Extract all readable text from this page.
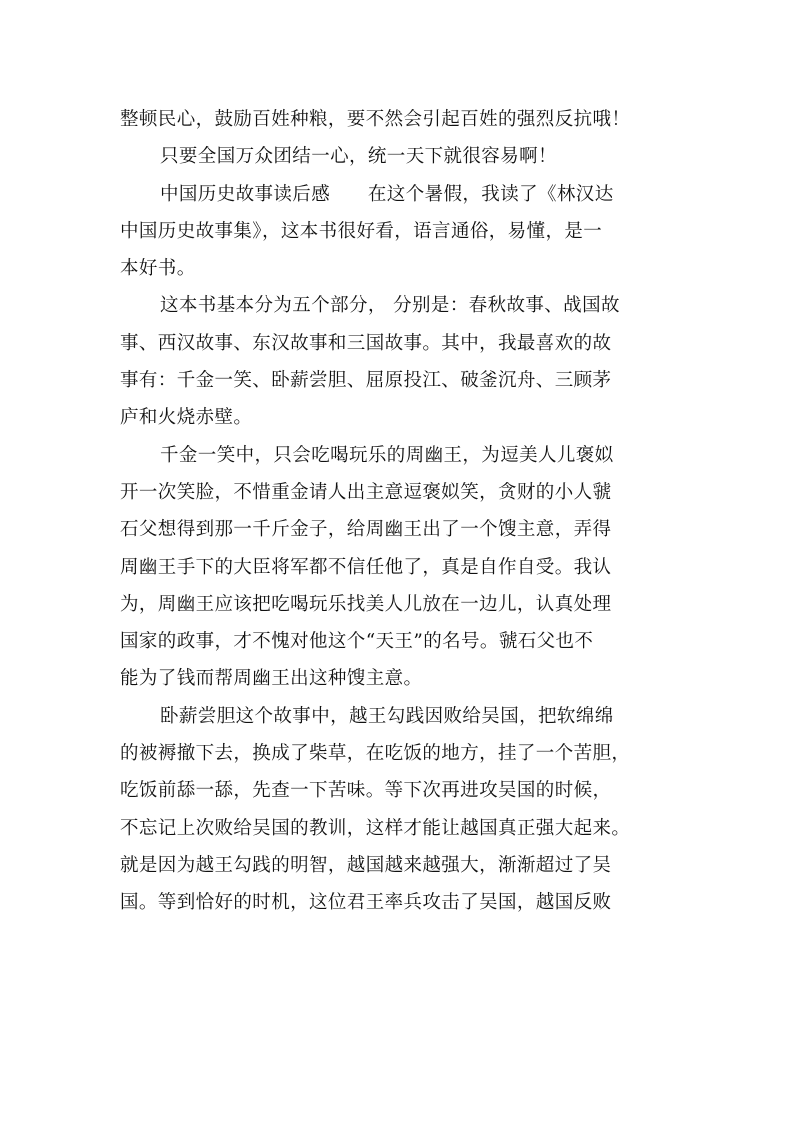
整顿民心，鼓励百姓种粮，要不然会引起百姓的强烈反抗哦！
只要全国万众团结一心，统一天下就很容易啊！
中国历史故事读后感　　在这个暑假，我读了《林汉达
中国历史故事集》，这本书很好看，语言通俗，易懂，是一
本好书。
这本书基本分为五个部分， 分别是：春秋故事、战国故
事、西汉故事、东汉故事和三国故事。其中，我最喜欢的故
事有：千金一笑、卧薪尝胆、屈原投江、破釜沉舟、三顾茅
庐和火烧赤壁。
千金一笑中，只会吃喝玩乐的周幽王，为逗美人儿褒姒
开一次笑脸，不惜重金请人出主意逗褒姒笑，贪财的小人虢
石父想得到那一千斤金子，给周幽王出了一个馊主意，弄得
周幽王手下的大臣将军都不信任他了，真是自作自受。我认
为，周幽王应该把吃喝玩乐找美人儿放在一边儿，认真处理
国家的政事，才不愧对他这个“天王”的名号。虢石父也不
能为了钱而帮周幽王出这种馊主意。
卧薪尝胆这个故事中，越王勾践因败给吴国，把软绵绵
的被褥撤下去，换成了柴草，在吃饭的地方，挂了一个苦胆，
吃饭前舔一舔，先查一下苦味。等下次再进攻吴国的时候，
不忘记上次败给吴国的教训，这样才能让越国真正强大起来。
就是因为越王勾践的明智，越国越来越强大，渐渐超过了吴
国。等到恰好的时机，这位君王率兵攻击了吴国，越国反败
